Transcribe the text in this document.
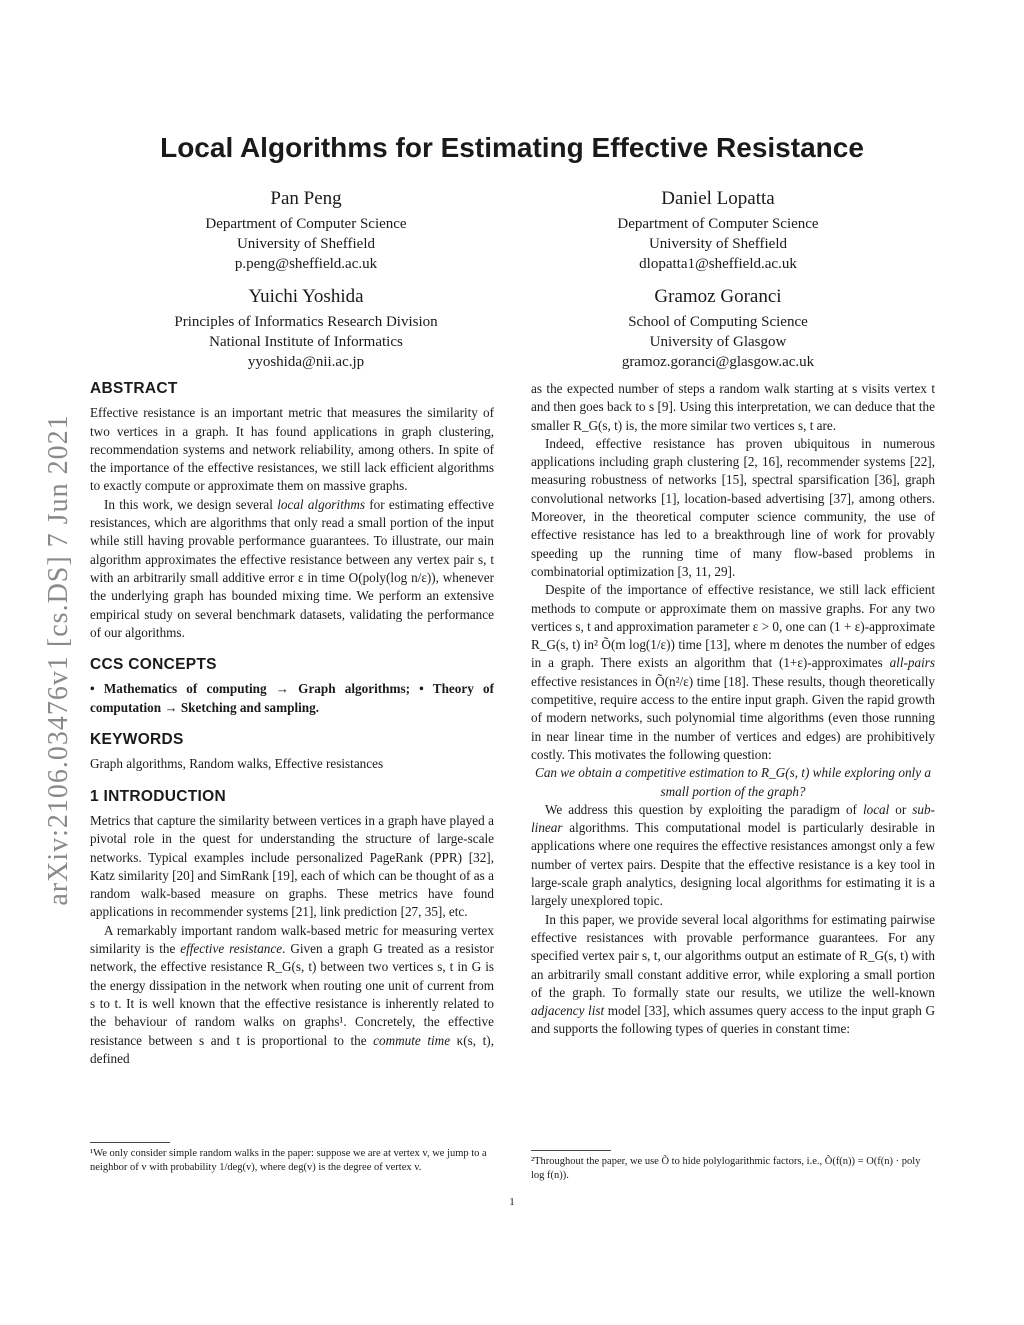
arXiv:2106.03476v1 [cs.DS] 7 Jun 2021
Local Algorithms for Estimating Effective Resistance
Pan Peng
Department of Computer Science
University of Sheffield
p.peng@sheffield.ac.uk
Daniel Lopatta
Department of Computer Science
University of Sheffield
dlopatta1@sheffield.ac.uk
Yuichi Yoshida
Principles of Informatics Research Division
National Institute of Informatics
yyoshida@nii.ac.jp
Gramoz Goranci
School of Computing Science
University of Glasgow
gramoz.goranci@glasgow.ac.uk
ABSTRACT

Effective resistance is an important metric that measures the similarity of two vertices in a graph. It has found applications in graph clustering, recommendation systems and network reliability, among others. In spite of the importance of the effective resistances, we still lack efficient algorithms to exactly compute or approximate them on massive graphs.

In this work, we design several local algorithms for estimating effective resistances, which are algorithms that only read a small portion of the input while still having provable performance guarantees. To illustrate, our main algorithm approximates the effective resistance between any vertex pair s, t with an arbitrarily small additive error ε in time O(poly(log n/ε)), whenever the underlying graph has bounded mixing time. We perform an extensive empirical study on several benchmark datasets, validating the performance of our algorithms.

CCS CONCEPTS

• Mathematics of computing → Graph algorithms; • Theory of computation → Sketching and sampling.

KEYWORDS

Graph algorithms, Random walks, Effective resistances

1 INTRODUCTION

Metrics that capture the similarity between vertices in a graph have played a pivotal role in the quest for understanding the structure of large-scale networks. Typical examples include personalized PageRank (PPR) [32], Katz similarity [20] and SimRank [19], each of which can be thought of as a random walk-based measure on graphs. These metrics have found applications in recommender systems [21], link prediction [27, 35], etc.

A remarkably important random walk-based metric for measuring vertex similarity is the effective resistance. Given a graph G treated as a resistor network, the effective resistance R_G(s, t) between two vertices s, t in G is the energy dissipation in the network when routing one unit of current from s to t. It is well known that the effective resistance is inherently related to the behaviour of random walks on graphs¹. Concretely, the effective resistance between s and t is proportional to the commute time κ(s, t), defined

¹We only consider simple random walks in the paper: suppose we are at vertex v, we jump to a neighbor of v with probability 1/deg(v), where deg(v) is the degree of vertex v.

as the expected number of steps a random walk starting at s visits vertex t and then goes back to s [9]. Using this interpretation, we can deduce that the smaller R_G(s, t) is, the more similar two vertices s, t are.

Indeed, effective resistance has proven ubiquitous in numerous applications including graph clustering [2, 16], recommender systems [22], measuring robustness of networks [15], spectral sparsification [36], graph convolutional networks [1], location-based advertising [37], among others. Moreover, in the theoretical computer science community, the use of effective resistance has led to a breakthrough line of work for provably speeding up the running time of many flow-based problems in combinatorial optimization [3, 11, 29].

Despite of the importance of effective resistance, we still lack efficient methods to compute or approximate them on massive graphs. For any two vertices s, t and approximation parameter ε > 0, one can (1 + ε)-approximate R_G(s, t) in² Õ(m log(1/ε)) time [13], where m denotes the number of edges in a graph. There exists an algorithm that (1+ε)-approximates all-pairs effective resistances in Õ(n²/ε) time [18]. These results, though theoretically competitive, require access to the entire input graph. Given the rapid growth of modern networks, such polynomial time algorithms (even those running in near linear time in the number of vertices and edges) are prohibitively costly. This motivates the following question:

Can we obtain a competitive estimation to R_G(s, t) while exploring only a small portion of the graph?

We address this question by exploiting the paradigm of local or sub-linear algorithms. This computational model is particularly desirable in applications where one requires the effective resistances amongst only a few number of vertex pairs. Despite that the effective resistance is a key tool in large-scale graph analytics, designing local algorithms for estimating it is a largely unexplored topic.

In this paper, we provide several local algorithms for estimating pairwise effective resistances with provable performance guarantees. For any specified vertex pair s, t, our algorithms output an estimate of R_G(s, t) with an arbitrarily small constant additive error, while exploring a small portion of the graph. To formally state our results, we utilize the well-known adjacency list model [33], which assumes query access to the input graph G and supports the following types of queries in constant time:

²Throughout the paper, we use Õ to hide polylogarithmic factors, i.e., Õ(f(n)) = O(f(n) · poly log f(n)).
1
